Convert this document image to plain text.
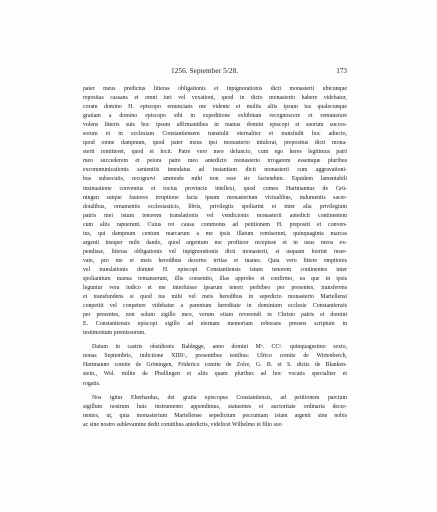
1256. September 5/28.	173

pater meus predictus litteras obligationis et inpignorationis dicti monasterii ubicunque
repositas cassans et omni iuri vel vexationi, quod in dicto monasterio habere videbatur,
coram domino H. episcopo renuncians me vidente et multis aliis ipsum ius qualecunque
gratiam a domino episcopo sibi in expeditione exhibitam recognoscere et remunerare
volens litteris suis hoc ipsum affirmantibus in manus domini episcopi et suorum succes-
sorum et in ecclesiam Constantiensem transtulit eternaliter et transfudit hoc adiecto,
quod omne dampnum, quod pater meus ipsi monasterio intulerat, prepositus dicti mona-
sterii remitteret, quod et fecit. Patre vero meo defuncto, cum ego heres legitimus patri
meo succederem et peiora patre meo antedicto monasterio irrogarem essemque pluribus
excommunicationis sententiis innodatus ad instantiam dicti monasterii cum aggravationi-
bus subsecutis, recognovi ammodo mihi non esse sic faciendum. Equidem lamentabili
insinuatione conventus et tocius provincie intellexi, quod comes Hartmannus de Grü-
ningen suique fautores irruptione facta ipsum monasterium victualibus, indumentis sacer-
dotalibus, ornamentis ecclesiasticis, libris, privilegiis spoliarint et inter alia privilegium
patris mei istum tenorem translationis vel vendicionis monasterii antedicti continentem
cum aliis rapuerunt. Cuius rei causa commotus ad petitionem H. prepositi et conven-
tus, qui dampnum centum marcarum a me ipsis illatum remiserunt, quinquaginta marcas
argenti insuper mihi dando, quod argentum me profiteor recepisse et in usus meos ex-
pendisse, litteras obligationis vel inpignorationis dicti monasterii, si usquam foerint reser-
vate, pro me et meis heredibus decerno irritas et inanes. Quia vero littere emptionis
vel translationis domini H. episcopi Constantiensis istum tenorem continentes inter
spoliantium manus remanserunt, illis consentio, illas approbo et confirmo, ea que in ipsis
leguntur vera iudico et me interfuisse ipsarum tenori perhibeo per presentes, transferens
et transfundens si quod ius mihi vel meis heredibus in sepedicto monasterio Martellensi
conpetiit vel conpetere videbatur a parentum hereditate in dominium ecclesie Constantiensis
per presentes, non solum sigillo meo, verum etiam reverendi in Christo patris et domini
E. Constantiensis episcopi sigillo ad eternam memoriam roborans presens scriptum in
testimonium premissorum.

Datum in castris obsidionis Baldegge, anno domini Mᵒ. CCᵒ. quinquagesimo sexto,
nonas Septembris, indictione XIIIIᵃ., presentibus testibus: Ulrico comite de Wirtenberch,
Hartmanno comite de Gröningen, Friderico comite de Zolre, G. B. et S. dictis de Blanken-
stein., Wol. milite de Phullingen et aliis quam pluribus ad hoc vocatis specialiter et
rogatis.

Nos igitur Eberhardus, dei gratia episcopus Constantiensis, ad petitionem parcium
sigillum nostrum huic instrumento appendimus, statuentes et auctoritate ordinaria decer-
nentes, ut, quia monasterium Martellense sepedictum peccuniam istam argenti sine nobis
ac sine nostro sublevamine dedit comitibus antedictis, videlicet Wilhelmo et filio suo
